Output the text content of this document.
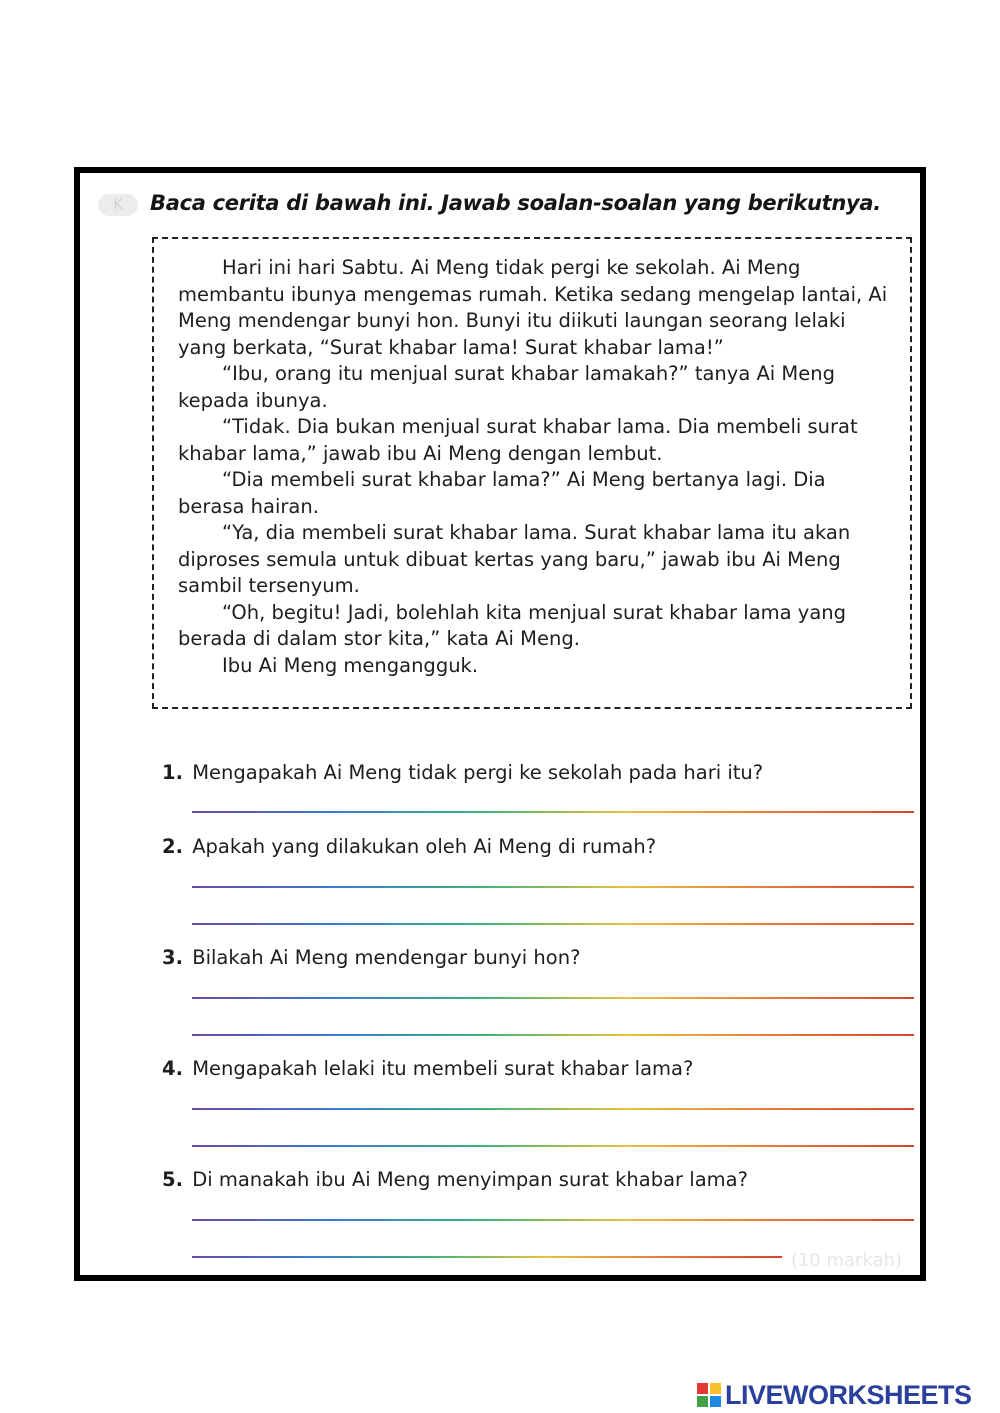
K	Baca cerita di bawah ini. Jawab soalan-soalan yang berikutnya.

Hari ini hari Sabtu. Ai Meng tidak pergi ke sekolah. Ai Meng membantu ibunya mengemas rumah. Ketika sedang mengelap lantai, Ai Meng mendengar bunyi hon. Bunyi itu diikuti laungan seorang lelaki yang berkata, “Surat khabar lama! Surat khabar lama!”

“Ibu, orang itu menjual surat khabar lamakah?” tanya Ai Meng kepada ibunya.

“Tidak. Dia bukan menjual surat khabar lama. Dia membeli surat khabar lama,” jawab ibu Ai Meng dengan lembut.

“Dia membeli surat khabar lama?” Ai Meng bertanya lagi. Dia berasa hairan.

“Ya, dia membeli surat khabar lama. Surat khabar lama itu akan diproses semula untuk dibuat kertas yang baru,” jawab ibu Ai Meng sambil tersenyum.

“Oh, begitu! Jadi, bolehlah kita menjual surat khabar lama yang berada di dalam stor kita,” kata Ai Meng.

Ibu Ai Meng mengangguk.

1. Mengapakah Ai Meng tidak pergi ke sekolah pada hari itu?
2. Apakah yang dilakukan oleh Ai Meng di rumah?
3. Bilakah Ai Meng mendengar bunyi hon?
4. Mengapakah lelaki itu membeli surat khabar lama?
5. Di manakah ibu Ai Meng menyimpan surat khabar lama?
(10 markah)
LIVEWORKSHEETS
